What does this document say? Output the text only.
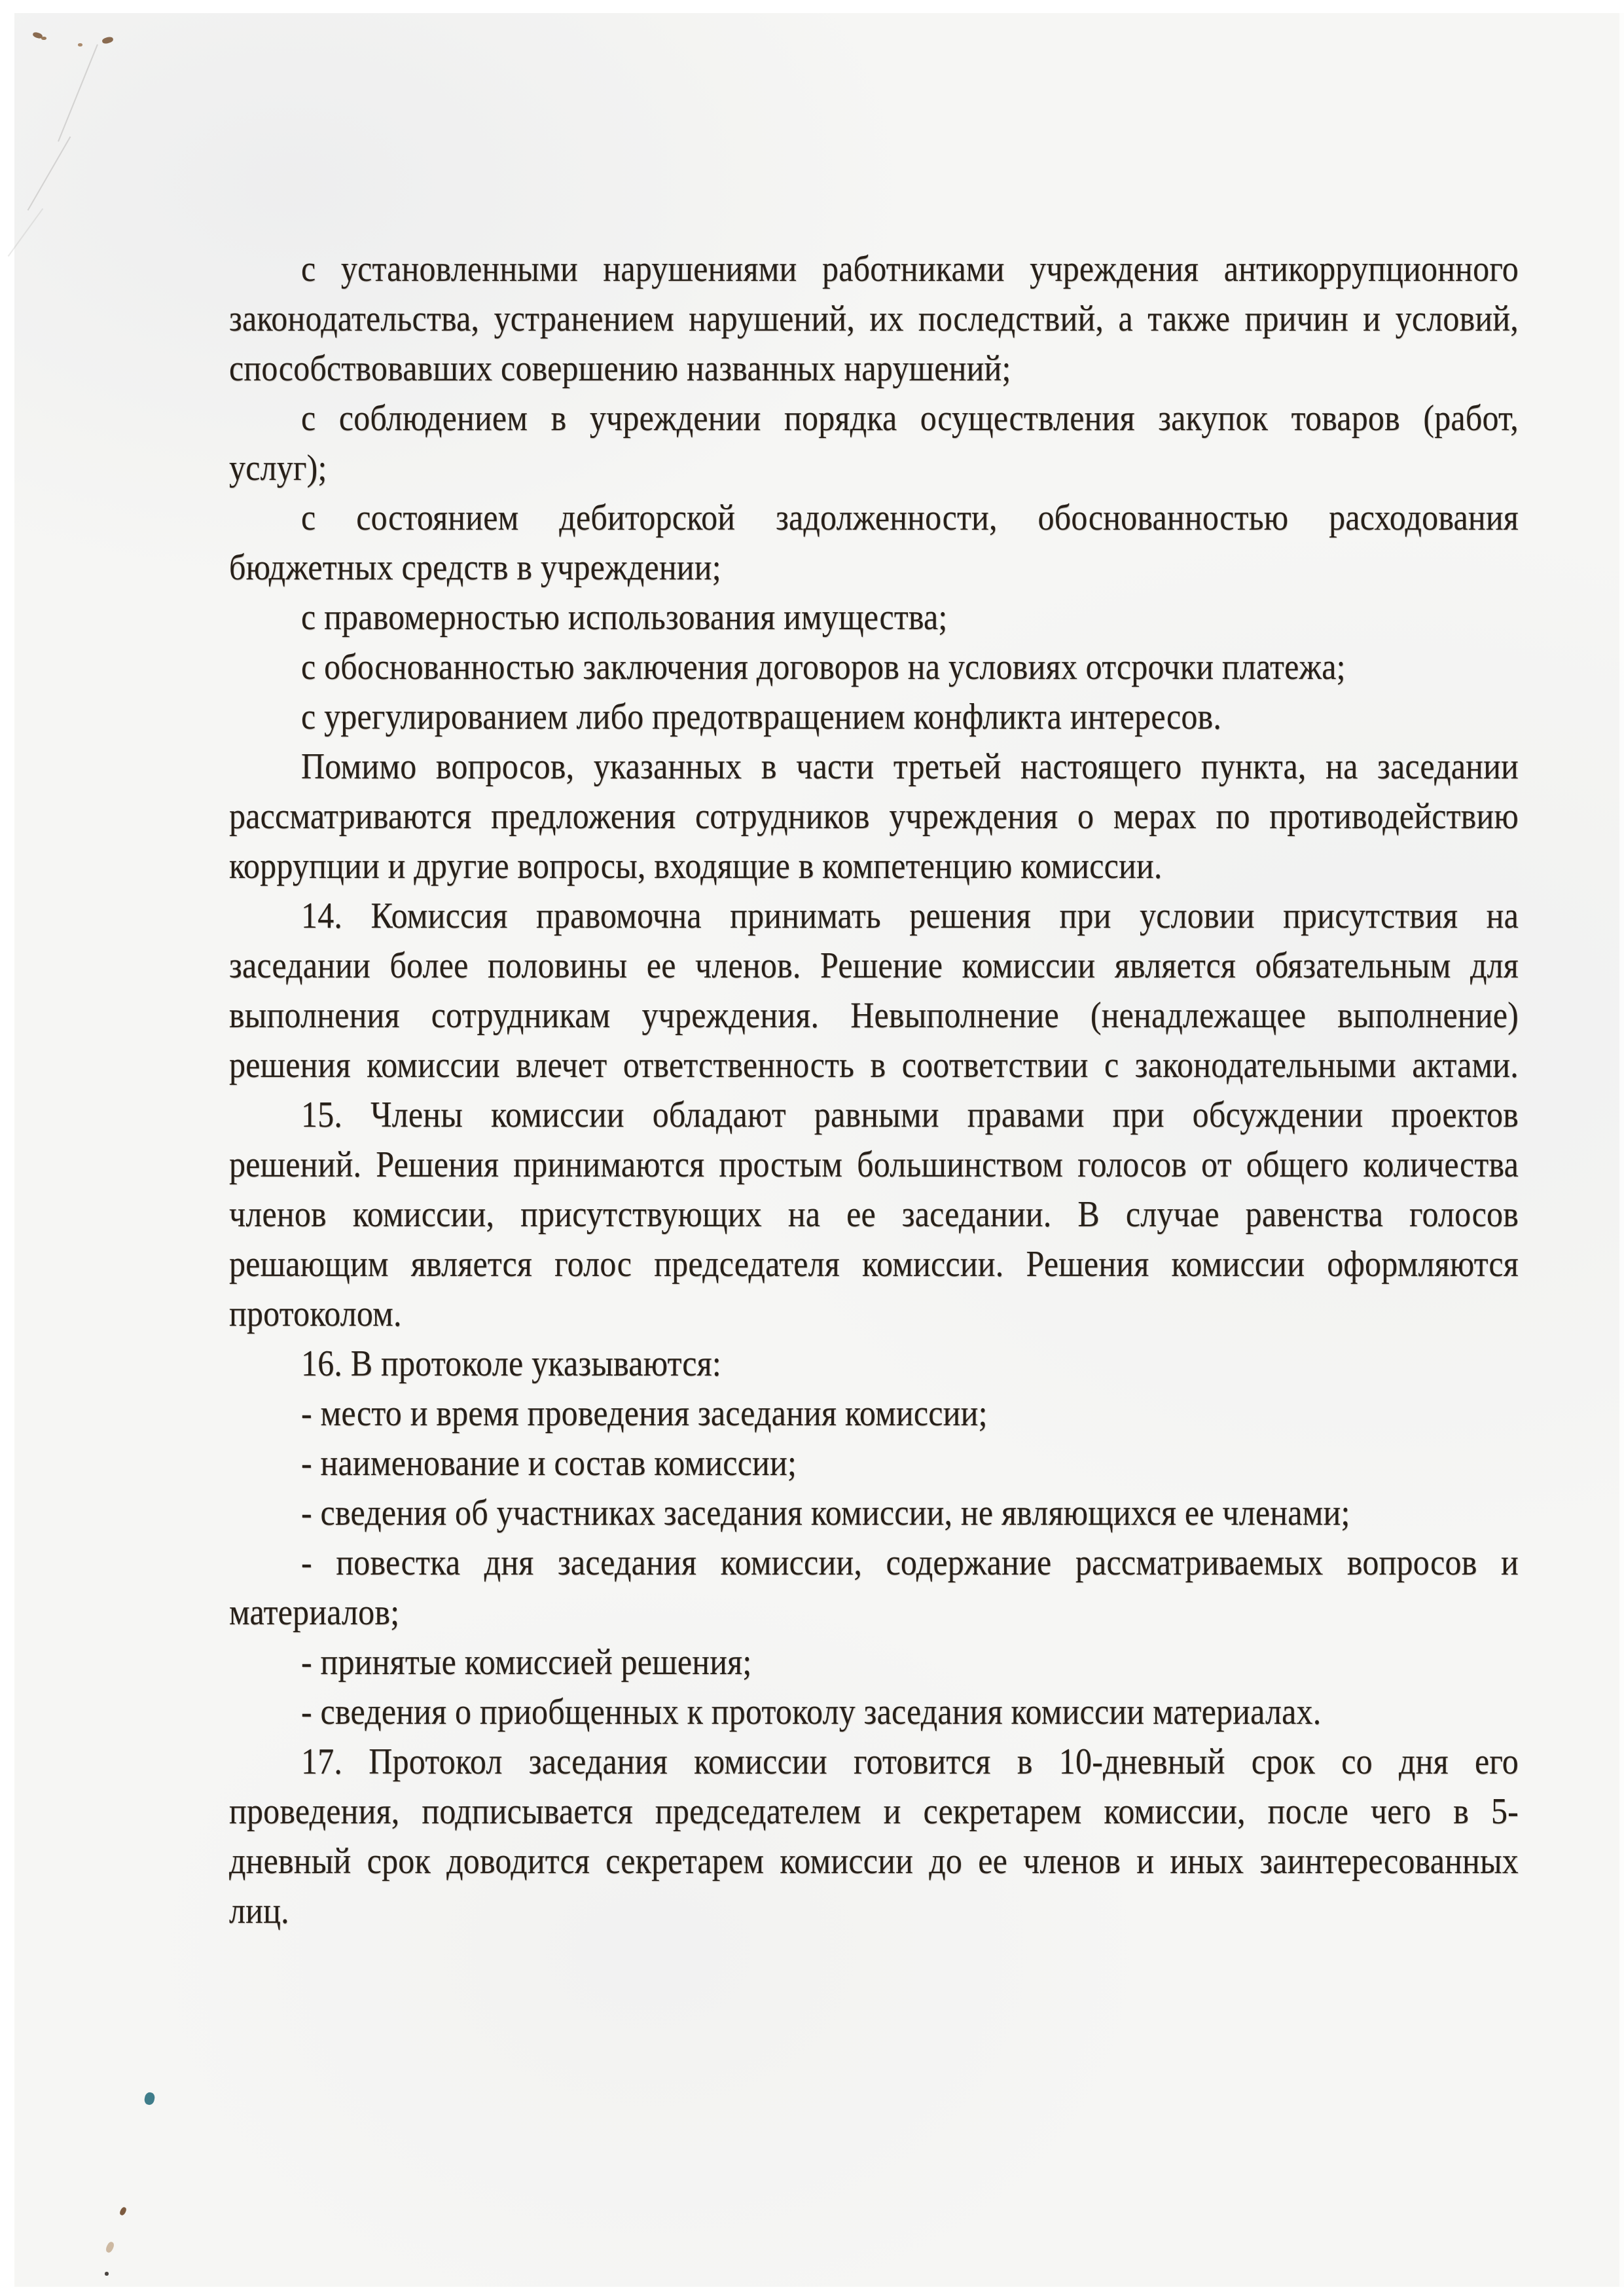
с установленными нарушениями работниками учреждения антикоррупционного
законодательства, устранением нарушений, их последствий, а также причин и условий,
способствовавших совершению названных нарушений;
с соблюдением в учреждении порядка осуществления закупок товаров (работ,
услуг);
с состоянием дебиторской задолженности, обоснованностью расходования
бюджетных средств в учреждении;
с правомерностью использования имущества;
с обоснованностью заключения договоров на условиях отсрочки платежа;
с урегулированием либо предотвращением конфликта интересов.
Помимо вопросов, указанных в части третьей настоящего пункта, на заседании
рассматриваются предложения сотрудников учреждения о мерах по противодействию
коррупции и другие вопросы, входящие в компетенцию комиссии.
14. Комиссия правомочна принимать решения при условии присутствия на
заседании более половины ее членов. Решение комиссии является обязательным для
выполнения сотрудникам учреждения. Невыполнение (ненадлежащее выполнение)
решения комиссии влечет ответственность в соответствии с законодательными актами.
15. Члены комиссии обладают равными правами при обсуждении проектов
решений. Решения принимаются простым большинством голосов от общего количества
членов комиссии, присутствующих на ее заседании. В случае равенства голосов
решающим является голос председателя комиссии. Решения комиссии оформляются
протоколом.
16. В протоколе указываются:
- место и время проведения заседания комиссии;
- наименование и состав комиссии;
- сведения об участниках заседания комиссии, не являющихся ее членами;
- повестка дня заседания комиссии, содержание рассматриваемых вопросов и
материалов;
- принятые комиссией решения;
- сведения о приобщенных к протоколу заседания комиссии материалах.
17. Протокол заседания комиссии готовится в 10-дневный срок со дня его
проведения, подписывается председателем и секретарем комиссии, после чего в 5-
дневный срок доводится секретарем комиссии до ее членов и иных заинтересованных
лиц.
